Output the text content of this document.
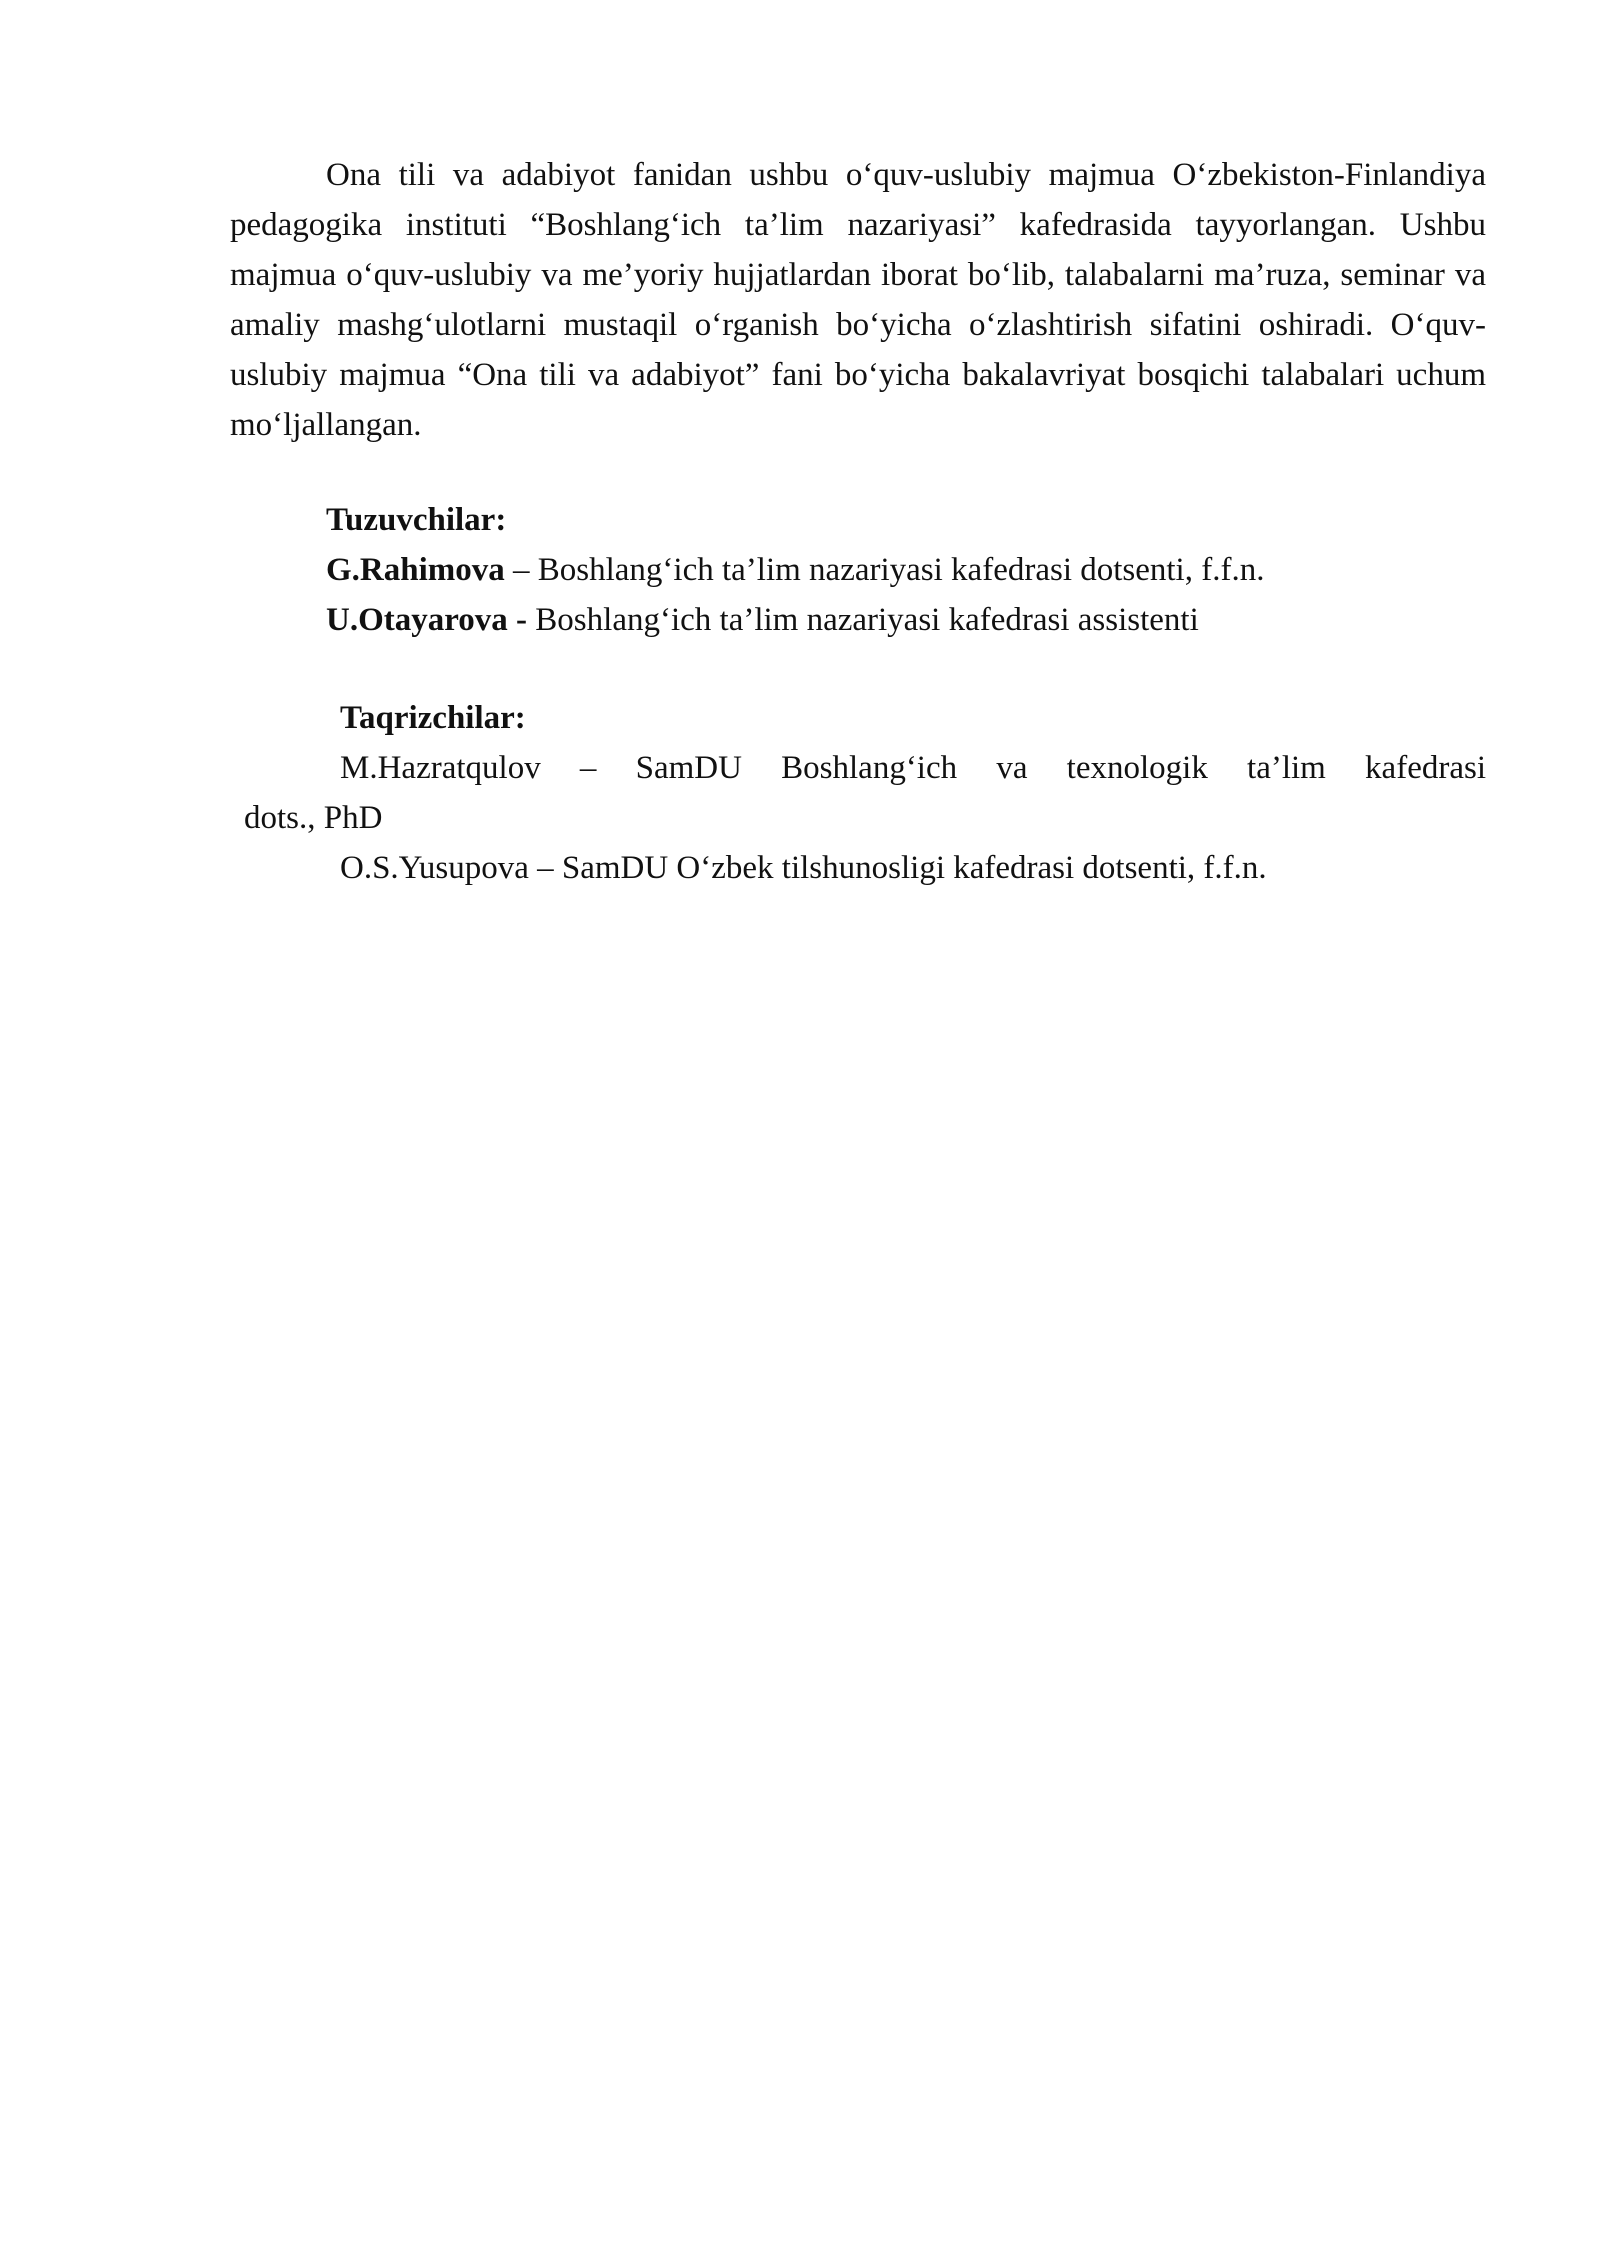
Ona tili va adabiyot fanidan ushbu o‘quv-uslubiy majmua O‘zbekiston-Finlandiya pedagogika instituti “Boshlang‘ich ta’lim nazariyasi” kafedrasida tayyorlangan. Ushbu majmua o‘quv-uslubiy va me’yoriy hujjatlardan iborat bo‘lib, talabalarni ma’ruza, seminar va amaliy mashg‘ulotlarni mustaqil o‘rganish bo‘yicha o‘zlashtirish sifatini oshiradi. O‘quv-uslubiy majmua “Ona tili va adabiyot” fani bo‘yicha bakalavriyat bosqichi talabalari uchum mo‘ljallangan.

Tuzuvchilar:

G.Rahimova – Boshlang‘ich ta’lim nazariyasi kafedrasi dotsenti, f.f.n.

U.Otayarova - Boshlang‘ich ta’lim nazariyasi kafedrasi assistenti

Taqrizchilar:

M.Hazratqulov – SamDU Boshlang‘ich va texnologik ta’lim kafedrasi

dots., PhD

O.S.Yusupova – SamDU O‘zbek tilshunosligi kafedrasi dotsenti, f.f.n.
